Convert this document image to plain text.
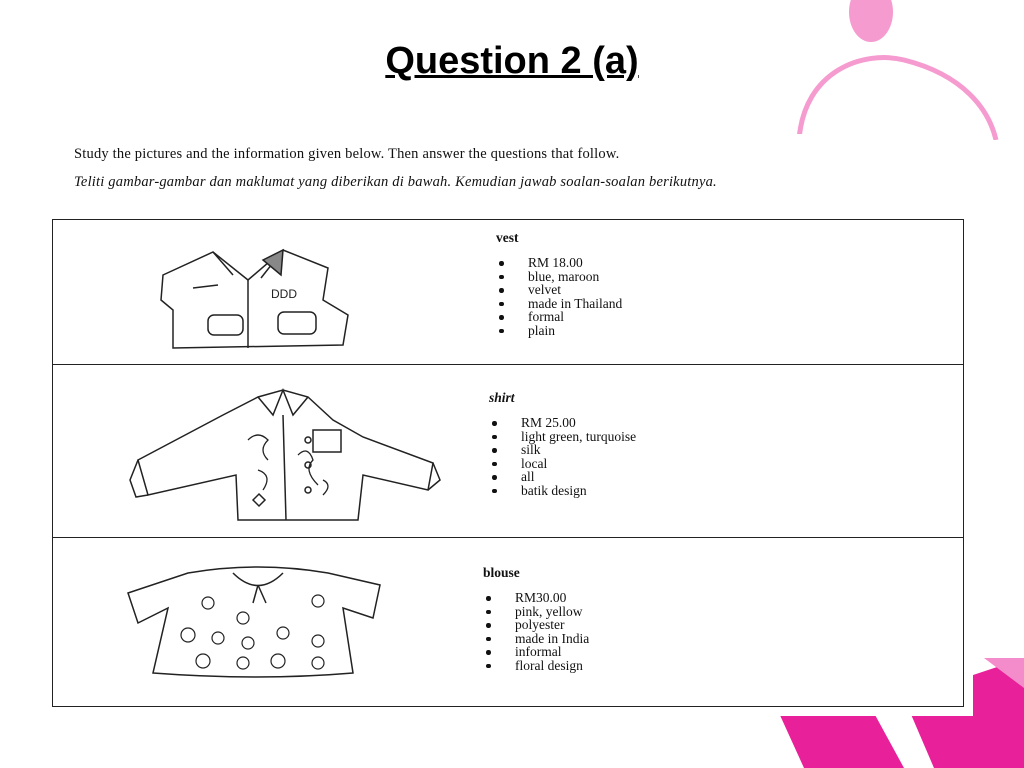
Question 2 (a)
Study the pictures and the information given below. Then answer the questions that follow.
Teliti gambar-gambar dan maklumat yang diberikan di bawah. Kemudian jawab soalan-soalan berikutnya.
DDD
vest
RM 18.00
blue, maroon
velvet
made in Thailand
formal
plain
shirt
RM 25.00
light green, turquoise
silk
local
all
batik design
blouse
RM30.00
pink, yellow
polyester
made in India
informal
floral design
